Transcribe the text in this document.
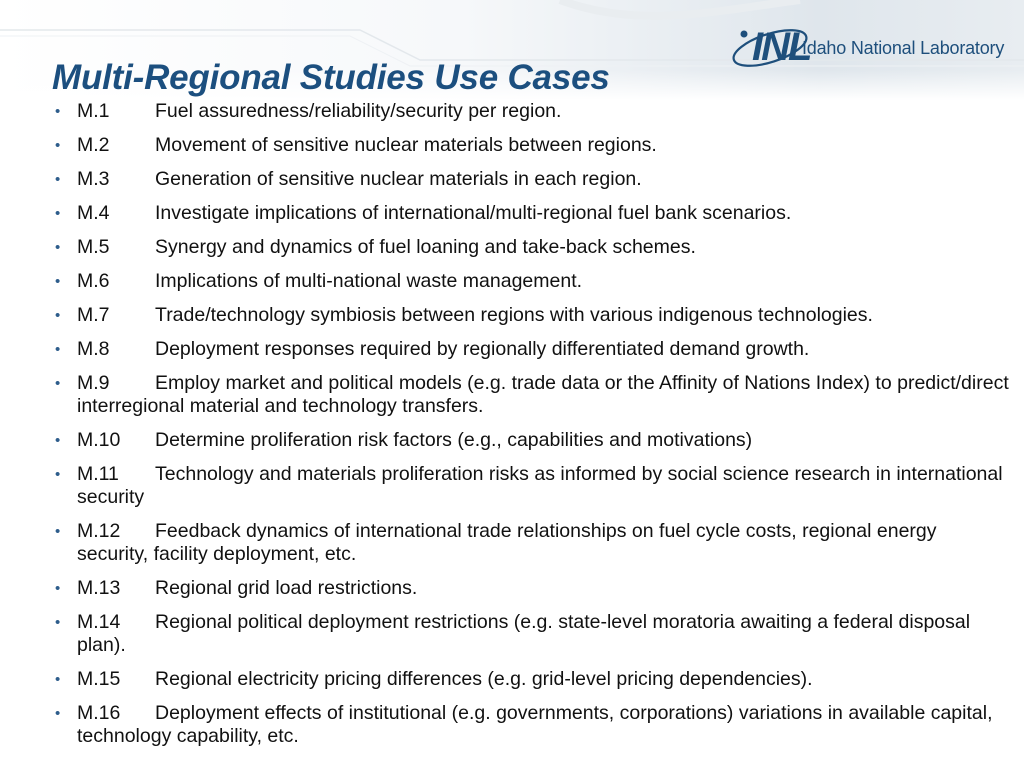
INL
Idaho National Laboratory
Multi-Regional Studies Use Cases
• M.1 Fuel assuredness/reliability/security per region.
• M.2 Movement of sensitive nuclear materials between regions.
• M.3 Generation of sensitive nuclear materials in each region.
• M.4 Investigate implications of international/multi-regional fuel bank scenarios.
• M.5 Synergy and dynamics of fuel loaning and take-back schemes.
• M.6 Implications of multi-national waste management.
• M.7 Trade/technology symbiosis between regions with various indigenous technologies.
• M.8 Deployment responses required by regionally differentiated demand growth.
• M.9 Employ market and political models (e.g. trade data or the Affinity of Nations Index) to predict/direct interregional material and technology transfers.
• M.10 Determine proliferation risk factors (e.g., capabilities and motivations)
• M.11 Technology and materials proliferation risks as informed by social science research in international security
• M.12 Feedback dynamics of international trade relationships on fuel cycle costs, regional energy security, facility deployment, etc.
• M.13 Regional grid load restrictions.
• M.14 Regional political deployment restrictions (e.g. state-level moratoria awaiting a federal disposal plan).
• M.15 Regional electricity pricing differences (e.g. grid-level pricing dependencies).
• M.16 Deployment effects of institutional (e.g. governments, corporations) variations in available capital, technology capability, etc.
